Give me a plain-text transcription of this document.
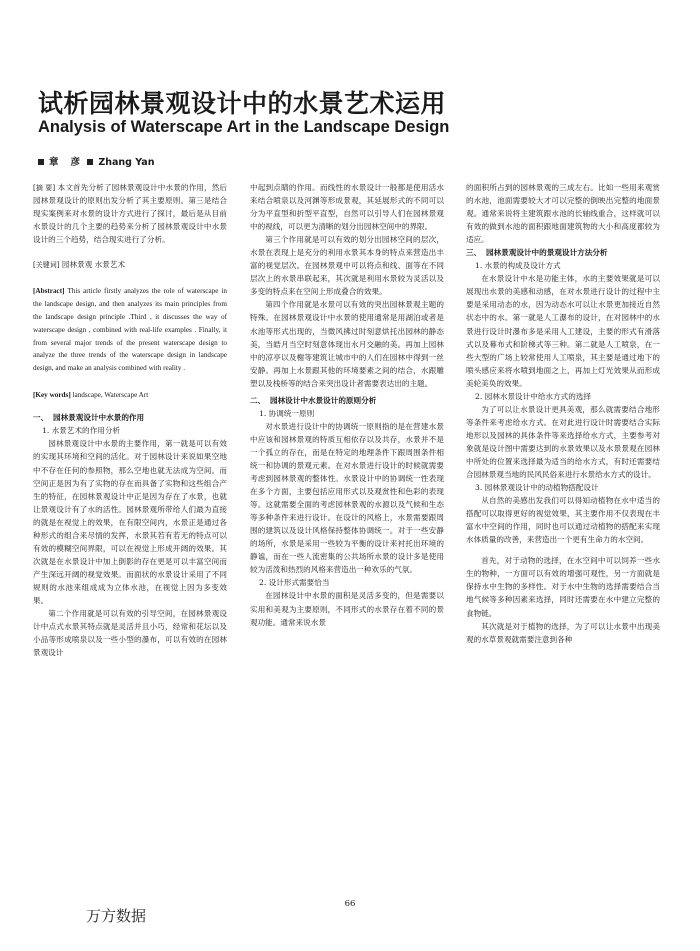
试析园林景观设计中的水景艺术运用
Analysis of Waterscape Art in the Landscape Design
章 彦 Zhang Yan

[摘 要] 本文首先分析了园林景观设计中水景的作用，然后园林景观设计的原则出发分析了其主要原则。第三是结合现实案例来对水景的设计方式进行了探讨，最后是从目前水景设计的几个主要的趋势来分析了园林景观设计中水景设计的三个趋势，结合现实进行了分析。

[关键词] 园林景观 水景艺术

[Abstract] This article firstly analyzes the role of waterscape in the landscape design, and then analyzes its main principles from the landscape design principle .Third , it discusses the way of waterscape design , combined with real-life examples . Finally, it from several major trends of the present waterscape design to analyze the three trends of the waterscape design in landscape design, and make an analysis combined with reality .

[Key words] landscape, Waterscape Art

一、 园林景观设计中水景的作用

1. 水景艺术的作用分析

园林景观设计中水景的主要作用，第一就是可以有效的实现其环境和空间的活化。对于园林设计来说如果空地中不存在任何的参照物，那么空地也就无法成为空间。而空间正是因为有了实物的存在而具备了实物和这些组合产生的特征，在园林景观设计中正是因为存在了水景，也就让景观设计有了水的活性。园林景观所带给人们最为直接的就是在视觉上的效果，在有限空间内，水景正是通过各种形式的组合来尽情的发挥，水景其若有若无的特点可以有效的模糊空间界限，可以在视觉上形成开阔的效果。其次就是在水景设计中加上倒影的存在更是可以丰富空间而产生深远开阔的视觉效果。而面状的水景设计采用了不同规则的水池来组成成为立体水池，在视觉上因为多变效果。

第二个作用就是可以有效的引导空间，在园林景观设计中点式水景其特点就是灵活并且小巧，经常和花坛以及小品等形成喷泉以及一些小型的瀑布，可以有效的在园林景观设计

中起到点睛的作用。而线性的水景设计一般都是使用活水来结合喷泉以及河渊等形成景观，其延展形式的不同可以分为平直型和折型平直型，自然可以引导人们在园林景观中的视线，可以更为清晰的划分出园林空间中的界限。

第三个作用就是可以有效的划分出园林空间的层次，水景在表现上是充分的利用水景其本身的特点来营造出丰富的视觉层次。在园林景观中可以将点和线、面等在不同层次上的水景串联起来，其次就是利用水景较为灵活以及多变的特点来在空间上形成叠合的效果。

第四个作用就是水景可以有效的突出园林景观主题的特殊。在园林景观设计中水景的使用通常是用湖泊或者是水池等形式出现的，当微风拂过时刻意烘托出园林的静态美，当皓月当空时刻意体现出水月交融的美。再加上园林中的凉亭以及榭等建筑让城市中的人们在园林中得到一丝安静。再加上水景跟其他的环境要素之间的结合，水跟雕塑以及栈桥等的结合来突出设计者需要表达出的主题。

二、 园林设计中水景设计的原则分析

1. 协调统一原则

对水景进行设计中的协调统一原则指的是在营建水景中应该和园林景观的特质互相依存以及共存，水景并不是一个孤立的存在，而是在特定的地理条件下跟周围条件相统一和协调的景观元素。在对水景进行设计的时候就需要考虑到园林景观的整体性。水景设计中的协调统一性表现在多个方面，主要包括应用形式以及观赏性和色彩的表现等。这就需要全面的考虑园林景观的水源以及气候和生态等多种条件来进行设计。在设计的风格上，水景需要跟周围的建筑以及设计风格保持整体协调统一。对于一些安静的场所，水景是采用一些较为平衡的设计来衬托出环境的静谧，而在一些人流密集的公共场所水景的设计多是使用较为活泼和热烈的风格来营造出一种欢乐的气氛。

2. 设计形式需要恰当

在园林设计中水景的面积是灵活多变的，但是需要以实用和美观为主要原则，不同形式的水景存在着不同的景观功能。通常来说水景

的面积所占到的园林景观的三成左右。比如一些用来观赏的水池，池面需要较大才可以完整的倒映出完整的地面景观。通常来说将主建筑跟水池的长轴线重合，这样就可以有效的做到水池的面积跟地面建筑物的大小和高度都较为适应。

三、 园林景观设计中的景观设计方法分析

1. 水景的构成及设计方式

在水景设计中水是功能主体，水的主要效果就是可以展现出水景的美感和动感，在对水景进行设计的过程中主要是采用动态的水，因为动态水可以让水景更加接近自然状态中的水。第一就是人工瀑布的设计，在对园林中的水景进行设计时瀑布多是采用人工建设，主要的形式有滑落式以及幕布式和阶梯式等三种。第二就是人工喷泉，在一些大型的广场上较常使用人工喷泉，其主要是通过地下的喷头感应来将水喷到地面之上，再加上灯光效果从而形成美轮美奂的效果。

2. 园林水景设计中给水方式的选择

为了可以让水景设计更具美观，那么就需要结合地形等条件来考虑给水方式。在对此进行设计时需要结合实际地形以及园林的具体条件等来选择给水方式，主要参考对象就是设计图中需要达到的水景效果以及水景景观在园林中所处的位置来选择最为适当的给水方式，有时还需要结合园林景观当地的民风民俗来进行水景给水方式的设计。

3. 园林景观设计中的动植物搭配设计

从自然的美感出发我们可以得知动植物在水中适当的搭配可以取得更好的视觉效果，其主要作用不仅表现在丰富水中空间的作用，同时也可以通过动植物的搭配来实现水体质量的改善，来营造出一个更有生命力的水空间。

首先，对于动物的选择，在水空间中可以饲养一些水生的物种，一方面可以有效的增强可观性，另一方面就是保持水中生物的多样性。对于水中生物的选择需要结合当地气候等多种因素来选择，同时还需要在水中建立完整的食物链。

其次就是对于植物的选择，为了可以让水景中出现美观的水草景观就需要注意到各种

66
万方数据
